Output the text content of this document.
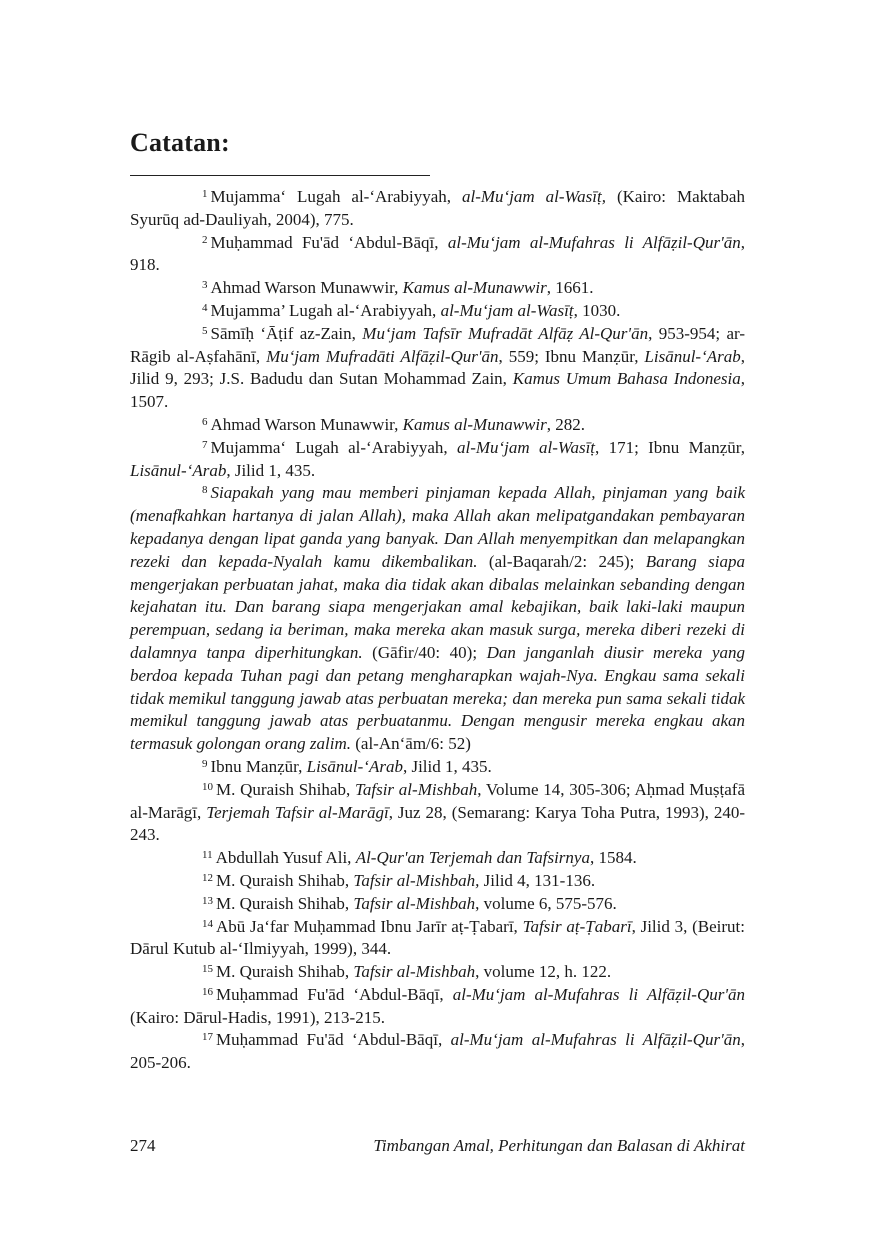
Catatan:

$^1$ Mujamma‘ Lugah al-‘Arabiyyah, al-Mu‘jam al-Wasīṭ, (Kairo: Maktabah Syurūq ad-Dauliyah, 2004), 775.

$^2$ Muḥammad Fu'ād ‘Abdul-Bāqī, al-Mu‘jam al-Mufahras li Alfāẓil-Qur'ān, 918.

$^3$ Ahmad Warson Munawwir, Kamus al-Munawwir, 1661.

$^4$ Mujamma’ Lugah al-‘Arabiyyah, al-Mu‘jam al-Wasīṭ, 1030.

$^5$ Sāmīḥ ‘Āṭif az-Zain, Mu‘jam Tafsīr Mufradāt Alfāẓ Al-Qur'ān, 953-954; ar-Rāgib al-Aṣfahānī, Mu‘jam Mufradāti Alfāẓil-Qur'ān, 559; Ibnu Manẓūr, Lisānul-‘Arab, Jilid 9, 293; J.S. Badudu dan Sutan Mohammad Zain, Kamus Umum Bahasa Indonesia, 1507.

$^6$ Ahmad Warson Munawwir, Kamus al-Munawwir, 282.

$^7$ Mujamma‘ Lugah al-‘Arabiyyah, al-Mu‘jam al-Wasīṭ, 171; Ibnu Manẓūr, Lisānul-‘Arab, Jilid 1, 435.

$^8$ Siapakah yang mau memberi pinjaman kepada Allah, pinjaman yang baik (menafkahkan hartanya di jalan Allah), maka Allah akan melipatgandakan pembayaran kepadanya dengan lipat ganda yang banyak. Dan Allah menyempitkan dan melapangkan rezeki dan kepada-Nyalah kamu dikembalikan. (al-Baqarah/2: 245); Barang siapa mengerjakan perbuatan jahat, maka dia tidak akan dibalas melainkan sebanding dengan kejahatan itu. Dan barang siapa mengerjakan amal kebajikan, baik laki-laki maupun perempuan, sedang ia beriman, maka mereka akan masuk surga, mereka diberi rezeki di dalamnya tanpa diperhitungkan. (Gāfir/40: 40); Dan janganlah diusir mereka yang berdoa kepada Tuhan pagi dan petang mengharapkan wajah-Nya. Engkau sama sekali tidak memikul tanggung jawab atas perbuatan mereka; dan mereka pun sama sekali tidak memikul tanggung jawab atas perbuatanmu. Dengan mengusir mereka engkau akan termasuk golongan orang zalim. (al-An‘ām/6: 52)

$^9$ Ibnu Manẓūr, Lisānul-‘Arab, Jilid 1, 435.

$^{10}$ M. Quraish Shihab, Tafsir al-Mishbah, Volume 14, 305-306; Aḥmad Muṣṭafā al-Marāgī, Terjemah Tafsir al-Marāgī, Juz 28, (Semarang: Karya Toha Putra, 1993), 240-243.

$^{11}$ Abdullah Yusuf Ali, Al-Qur'an Terjemah dan Tafsirnya, 1584.

$^{12}$ M. Quraish Shihab, Tafsir al-Mishbah, Jilid 4, 131-136.

$^{13}$ M. Quraish Shihab, Tafsir al-Mishbah, volume 6, 575-576.

$^{14}$ Abū Ja‘far Muḥammad Ibnu Jarīr aṭ-Ṭabarī, Tafsir aṭ-Ṭabarī, Jilid 3, (Beirut: Dārul Kutub al-‘Ilmiyyah, 1999), 344.

$^{15}$ M. Quraish Shihab, Tafsir al-Mishbah, volume 12, h. 122.

$^{16}$ Muḥammad Fu'ād ‘Abdul-Bāqī, al-Mu‘jam al-Mufahras li Alfāẓil-Qur'ān (Kairo: Dārul-Hadis, 1991), 213-215.

$^{17}$ Muḥammad Fu'ād ‘Abdul-Bāqī, al-Mu‘jam al-Mufahras li Alfāẓil-Qur'ān, 205-206.

274	Timbangan Amal, Perhitungan dan Balasan di Akhirat
